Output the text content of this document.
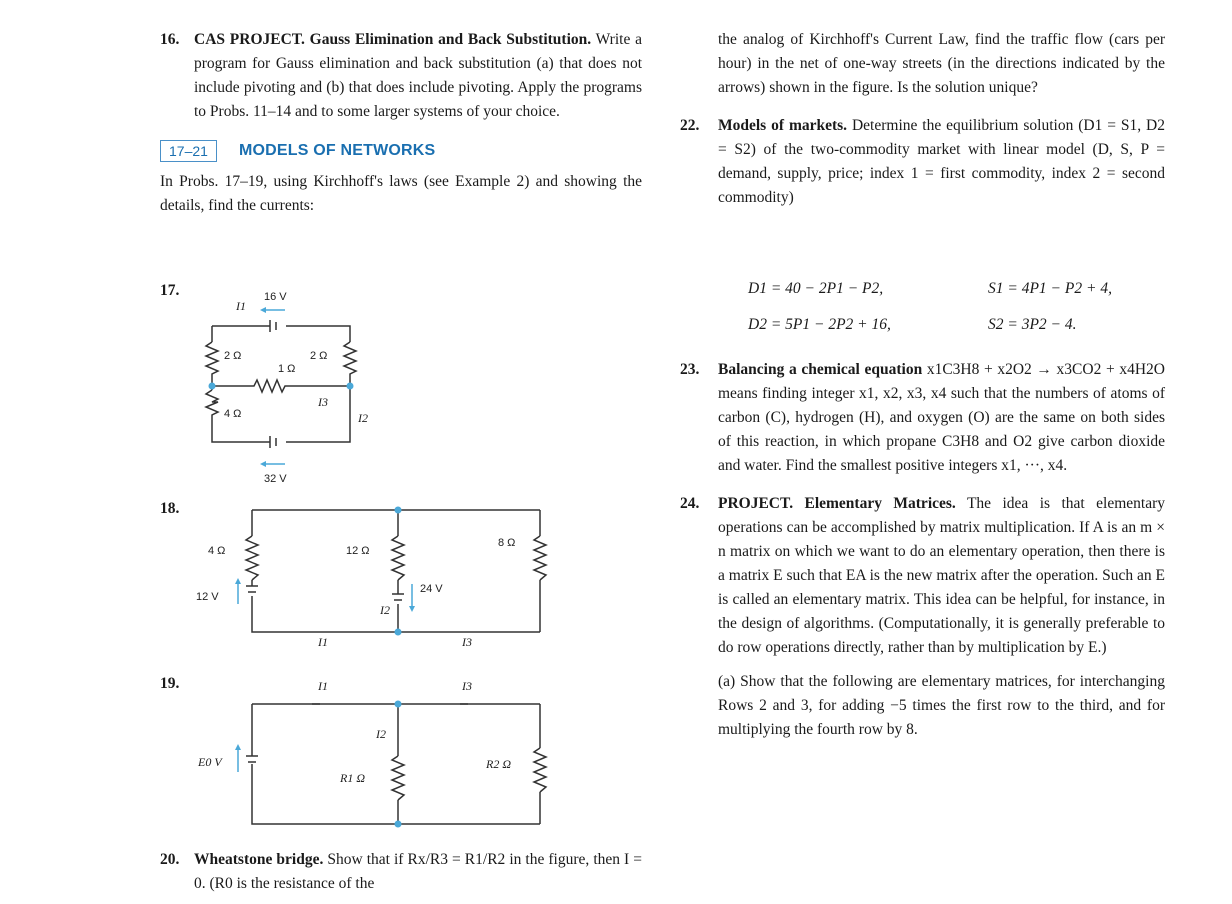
16. CAS PROJECT. Gauss Elimination and Back Substitution. Write a program for Gauss elimination and back substitution (a) that does not include pivoting and (b) that does include pivoting. Apply the programs to Probs. 11–14 and to some larger systems of your choice.
17–21	MODELS OF NETWORKS

In Probs. 17–19, using Kirchhoff's laws (see Example 2) and showing the details, find the currents:

17.	16 V
32 V
2 Ω
1 Ω
2 Ω
4 Ω
I1
I2
I3
18.
4 Ω	12 Ω
8 Ω
12 V
24 V
I1
I2
I3
19.
E0 V
R1 Ω
R2 Ω
I1
I2
I3
20. Wheatstone bridge. Show that if Rx/R3 = R1/R2 in the figure, then I = 0. (R0 is the resistance of the

the analog of Kirchhoff's Current Law, find the traffic flow (cars per hour) in the net of one-way streets (in the directions indicated by the arrows) shown in the figure. Is the solution unique?

22. Models of markets. Determine the equilibrium solution (D1 = S1, D2 = S2) of the two-commodity market with linear model (D, S, P = demand, supply, price; index 1 = first commodity, index 2 = second commodity)
D1 = 40 − 2P1 − P2,	S1 = 4P1 − P2 + 4,
D2 = 5P1 − 2P2 + 16,	S2 = 3P2 − 4.
23. Balancing a chemical equation x1C3H8 + x2O2 → x3CO2 + x4H2O means finding integer x1, x2, x3, x4 such that the numbers of atoms of carbon (C), hydrogen (H), and oxygen (O) are the same on both sides of this reaction, in which propane C3H8 and O2 give carbon dioxide and water. Find the smallest positive integers x1, ···, x4.
24. PROJECT. Elementary Matrices. The idea is that elementary operations can be accomplished by matrix multiplication. If A is an m × n matrix on which we want to do an elementary operation, then there is a matrix E such that EA is the new matrix after the operation. Such an E is called an elementary matrix. This idea can be helpful, for instance, in the design of algorithms. (Computationally, it is generally preferable to do row operations directly, rather than by multiplication by E.)

(a) Show that the following are elementary matrices, for interchanging Rows 2 and 3, for adding −5 times the first row to the third, and for multiplying the fourth row by 8.
